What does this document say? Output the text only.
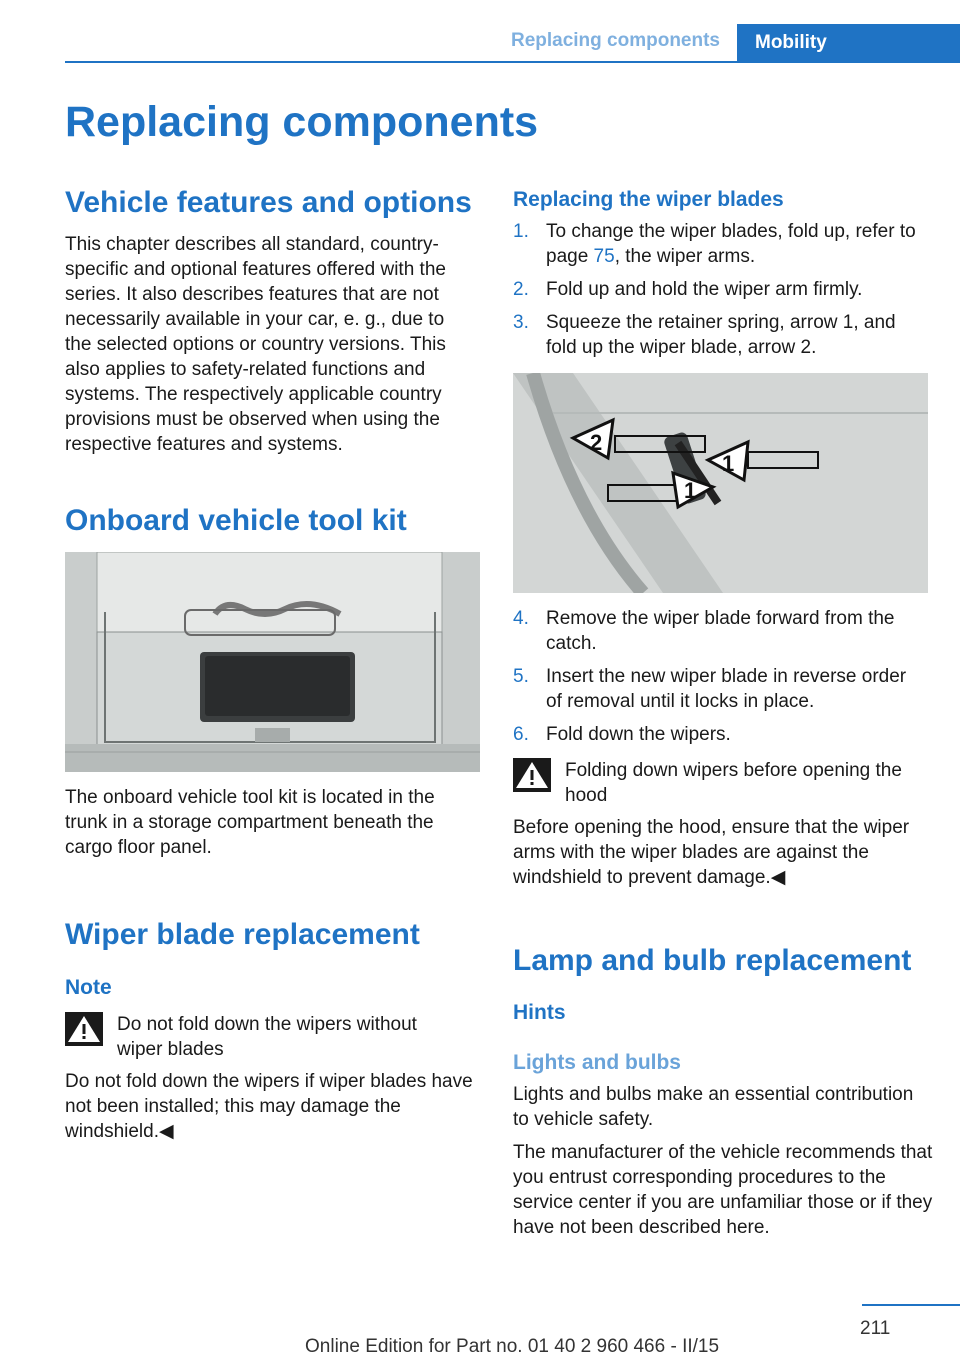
Replacing components	Mobility
Replacing components
Vehicle features and options

This chapter describes all standard, country-specific and optional features offered with the series. It also describes features that are not necessarily available in your car, e. g., due to the selected options or country versions. This also applies to safety-related functions and systems. The respectively applicable country provisions must be observed when using the respective features and systems.

Onboard vehicle tool kit

The onboard vehicle tool kit is located in the trunk in a storage compartment beneath the cargo floor panel.

Wiper blade replacement
Note
Do not fold down the wipers without wiper blades

Do not fold down the wipers if wiper blades have not been installed; this may damage the windshield.◀

Replacing the wiper blades
1. To change the wiper blades, fold up, refer to page 75, the wiper arms.
2. Fold up and hold the wiper arm firmly.
3. Squeeze the retainer spring, arrow 1, and fold up the wiper blade, arrow 2.
2
1
1
4. Remove the wiper blade forward from the catch.
5. Insert the new wiper blade in reverse order of removal until it locks in place.
6. Fold down the wipers.
Folding down wipers before opening the hood

Before opening the hood, ensure that the wiper arms with the wiper blades are against the windshield to prevent damage.◀

Lamp and bulb replacement
Hints
Lights and bulbs

Lights and bulbs make an essential contribution to vehicle safety.

The manufacturer of the vehicle recommends that you entrust corresponding procedures to the service center if you are unfamiliar those or if they have not been described here.

211
Online Edition for Part no. 01 40 2 960 466 - II/15
